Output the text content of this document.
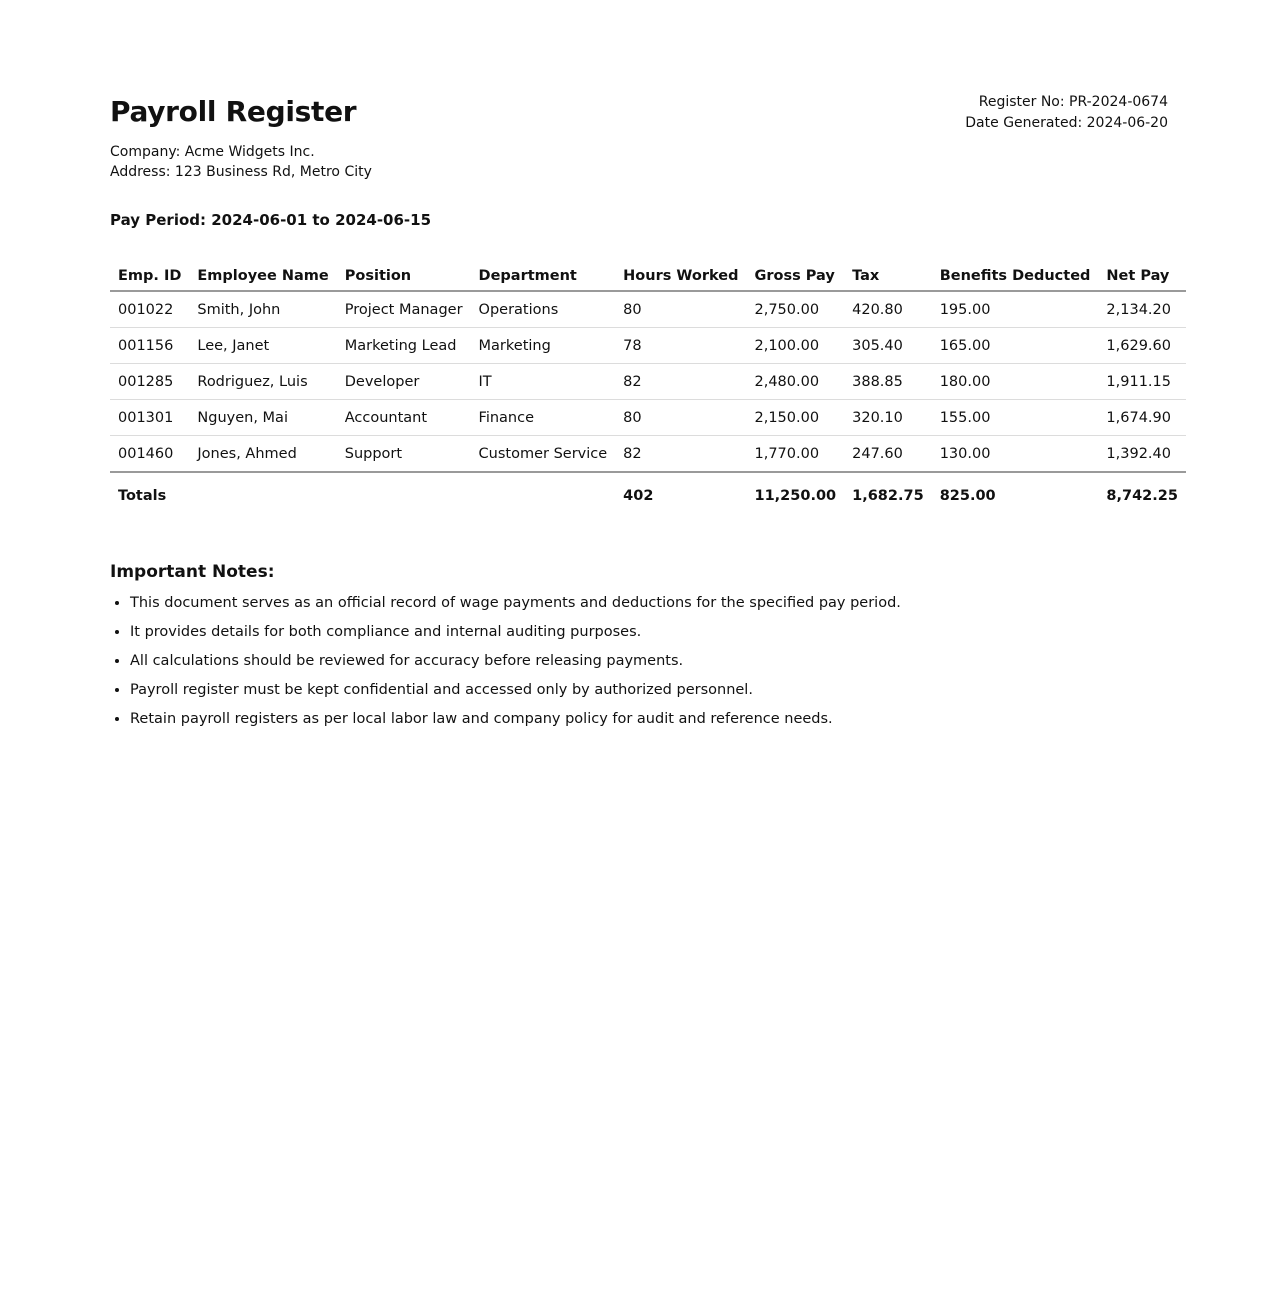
Payroll Register
Company: Acme Widgets Inc.
Address: 123 Business Rd, Metro City
Register No: PR-2024-0674
Date Generated: 2024-06-20
Pay Period: 2024-06-01 to 2024-06-15
Emp. ID	Employee Name	Position	Department	Hours Worked	Gross Pay	Tax	Benefits Deducted	Net Pay
001022	Smith, John	Project Manager	Operations	80	2,750.00	420.80	195.00	2,134.20
001156	Lee, Janet	Marketing Lead	Marketing	78	2,100.00	305.40	165.00	1,629.60
001285	Rodriguez, Luis	Developer	IT	82	2,480.00	388.85	180.00	1,911.15
001301	Nguyen, Mai	Accountant	Finance	80	2,150.00	320.10	155.00	1,674.90
001460	Jones, Ahmed	Support	Customer Service	82	1,770.00	247.60	130.00	1,392.40
Totals				402	11,250.00	1,682.75	825.00	8,742.25
Important Notes:
• This document serves as an official record of wage payments and deductions for the specified pay period.
• It provides details for both compliance and internal auditing purposes.
• All calculations should be reviewed for accuracy before releasing payments.
• Payroll register must be kept confidential and accessed only by authorized personnel.
• Retain payroll registers as per local labor law and company policy for audit and reference needs.
